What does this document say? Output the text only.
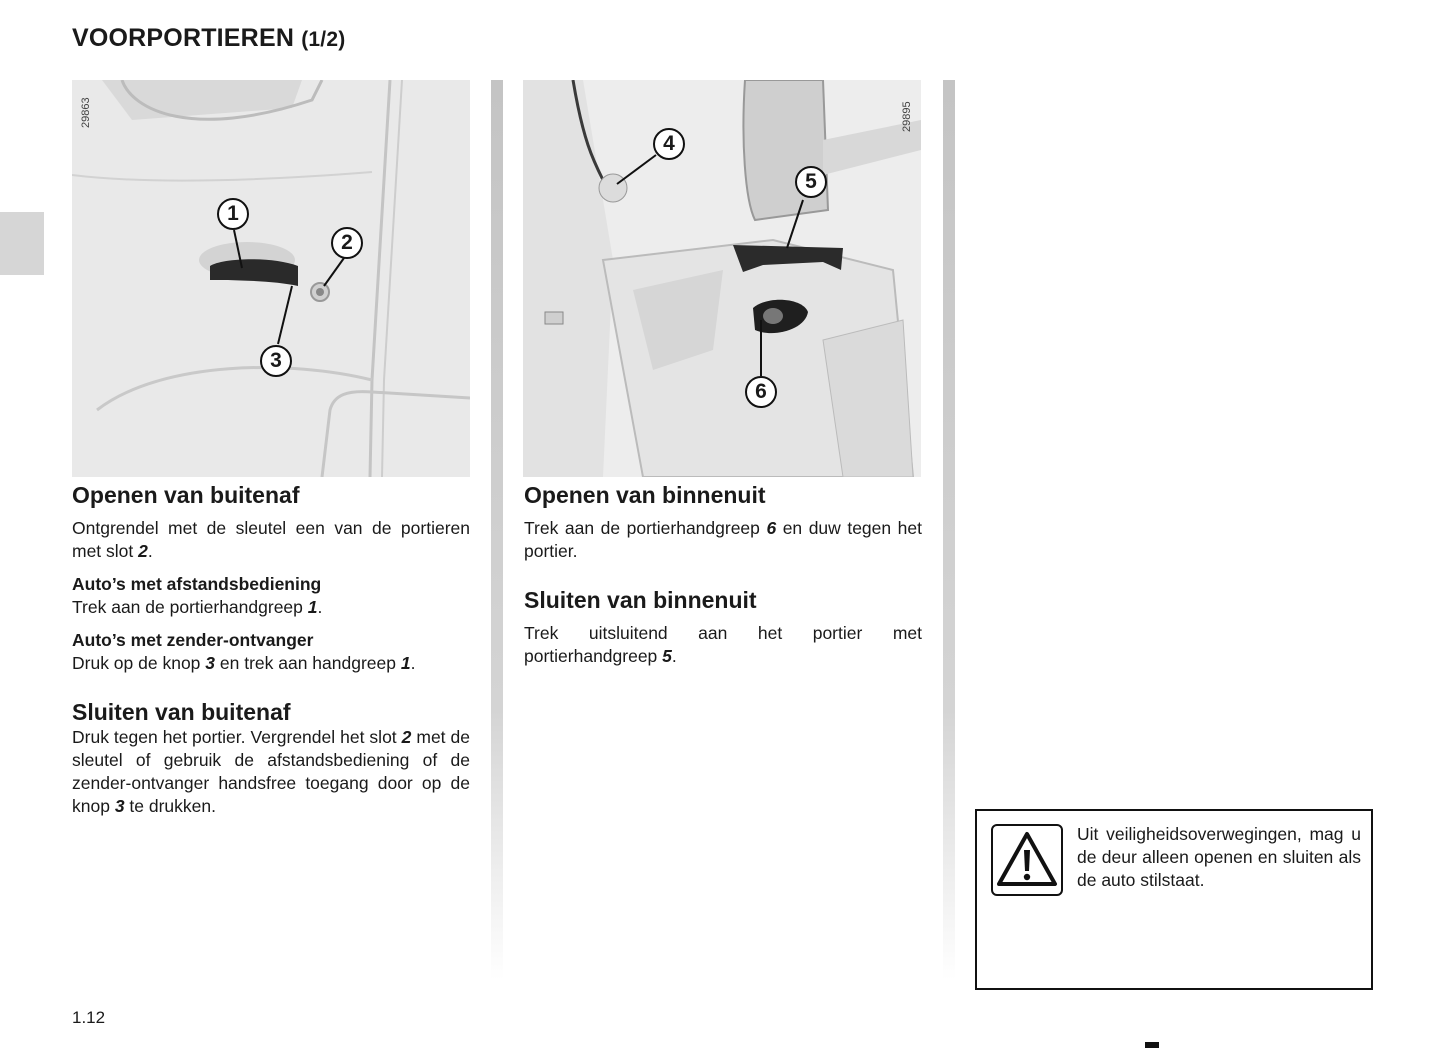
VOORPORTIEREN (1/2)
29863
1
2
3
29895
4
5
6
Openen van buitenaf

Ontgrendel met de sleutel een van de portieren met slot 2.

Auto’s met afstandsbediening
Trek aan de portierhandgreep 1.

Auto’s met zender-ontvanger
Druk op de knop 3 en trek aan handgreep 1.

Sluiten van buitenaf

Druk tegen het portier. Vergrendel het slot 2 met de sleutel of gebruik de afstandsbediening of de zender-ontvanger handsfree toegang door op de knop 3 te drukken.

Openen van binnenuit

Trek aan de portierhandgreep 6 en duw tegen het portier.

Sluiten van binnenuit

Trek uitsluitend aan het portier met portierhandgreep 5.

Uit veiligheidsoverwegingen, mag u de deur alleen openen en sluiten als de auto stilstaat.
1.12
